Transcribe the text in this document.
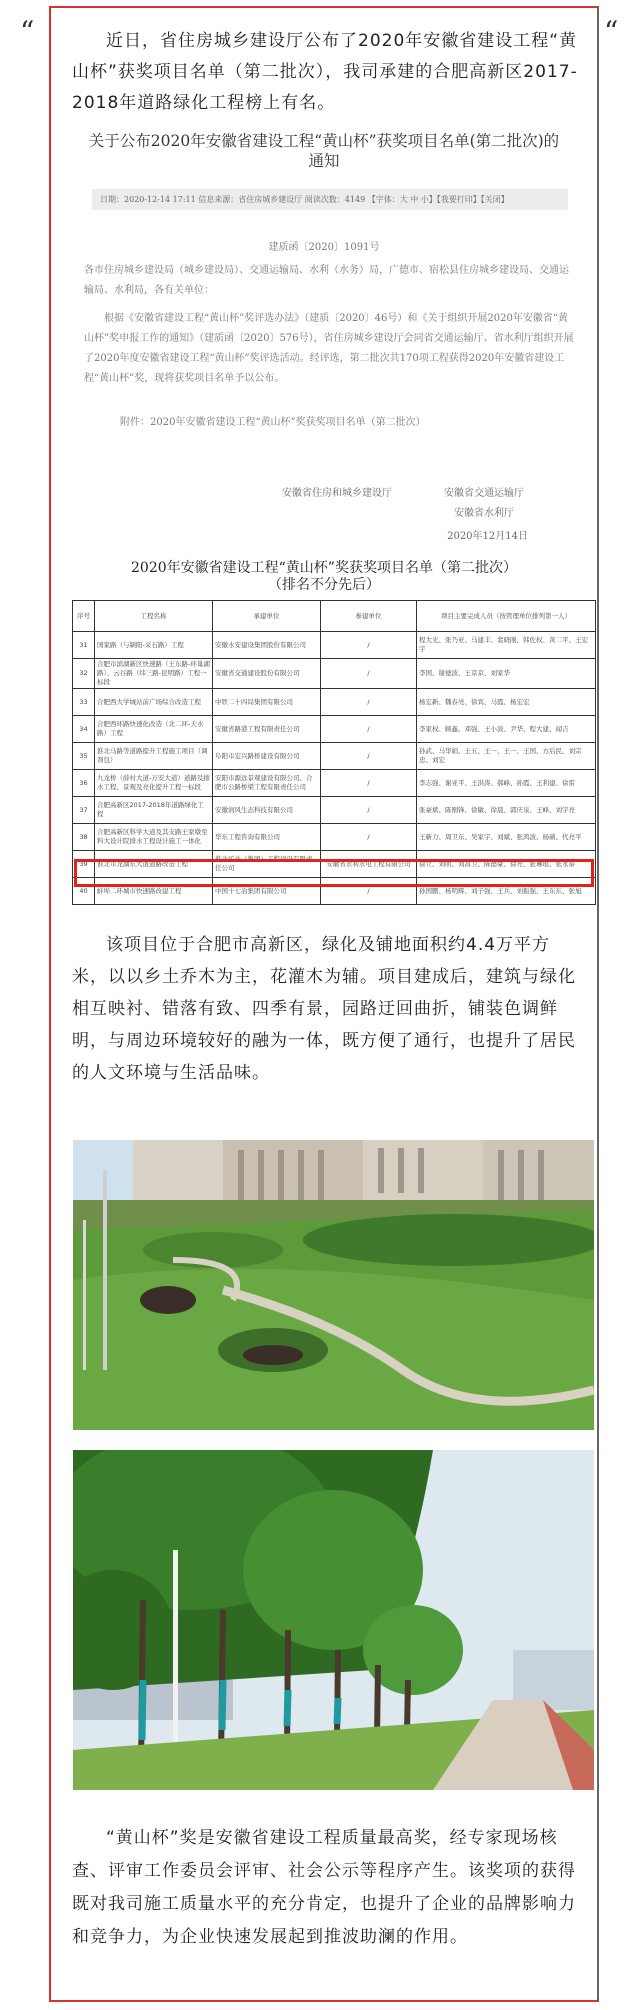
“	“

近日，省住房城乡建设厅公布了2020年安徽省建设工程“黄山杯”获奖项目名单（第二批次），我司承建的合肥高新区2017-2018年道路绿化工程榜上有名。

关于公布2020年安徽省建设工程“黄山杯”获奖项目名单(第二批次)的通知
日期：2020-12-14 17:11 信息来源：省住房城乡建设厅 阅读次数：4149 【字体：大 中 小】【我要打印】【关闭】
建质函〔2020〕1091号
各市住房城乡建设局（城乡建设局）、交通运输局、水利（水务）局，广德市、宿松县住房城乡建设局、交通运输局、水利局，各有关单位：
根据《安徽省建设工程“黄山杯”奖评选办法》（建质〔2020〕46号）和《关于组织开展2020年安徽省“黄山杯”奖申报工作的通知》（建质函〔2020〕576号），省住房城乡建设厅会同省交通运输厅、省水利厅组织开展了2020年度安徽省建设工程“黄山杯”奖评选活动。经评选，第二批次共170项工程获得2020年安徽省建设工程“黄山杯”奖，现将获奖项目名单予以公布。
附件：2020年安徽省建设工程“黄山杯”奖获奖项目名单（第二批次）
安徽省住房和城乡建设厅	安徽省交通运输厅
安徽省水利厅
2020年12月14日
2020年安徽省建设工程“黄山杯”奖获奖项目名单（第二批次）
（排名不分先后）
序号	工程名称	承建单位	参建单位	项目主要完成人员（按管理单位排列第一人）
31	国家路（与颍阳-采石路）工程	安徽水安建设集团股份有限公司	/	程大光、张乃亚、马建丰、裴晓刚、韩佐权、黄二平、王宏宇
32	合肥市滨湖新区快速路（王东路-环巢湖路）、云谷路（纬三路-昆明路）工程一标段	安徽省交通建设股份有限公司	/	李国、谢德波、王京京、刘家华
33	合肥西大学城站前广场综合改造工程	中铁二十四局集团有限公司	/	杨宏新、魏春亮、徐宾、马霞、杨宏宏
34	合肥西环路快速化改造（北二环-天水路）工程	安徽省路港工程有限责任公司	/	李家权、顾鑫、邓强、王小波、尹华、程大建、闻吉
35	淮北马路等道路提升工程施工项目（调剂包）	阜阳市宏兴路桥建设有限公司	/	孙武、马华娟、王五、王一、王一、王国、方后民、刘宗忠、刘宏
36	九龙桥（薛村大道-万安大道）道路及排水工程、景观及亮化提升工程一标段	安阳市源远景观建设有限公司、合肥市公路桥梁工程有限责任公司	/	李志强、谢亚平、王洪涛、郝峰、孙霞、王利建、徐雷
37	合肥高新区2017-2018年道路绿化工程	安徽润风生态科技有限公司	/	张豪斌、陈刚锋、徐敏、徐晨、郭庆泉、王峰、刘宇亮
38	合肥高新区科学大道及其支路王家墩至科大设计院排水工程设计施工一体化	华东工程咨询有限公司	/	王新力、周卫东、吴家宇、刘斌、张鸿波、杨硕、代亮平
39	淮北市龙湖东大道道路改造工程	淮北矿业（集团）工程建设有限责任公司	安徽省水利水电工程有限公司	徐立、刘明、刘昌卫、陈德豪、徐亮、张琳琅、张永泰
40	蚌埠二环城市快速路改建工程	中国十七冶集团有限公司	/	孙国鹏、杨明辉、刘子强、王兵、刘振强、王东东、张旭

该项目位于合肥市高新区，绿化及铺地面积约4.4万平方米，以以乡土乔木为主，花灌木为辅。项目建成后，建筑与绿化相互映衬、错落有致、四季有景，园路迂回曲折，铺装色调鲜明，与周边环境较好的融为一体，既方便了通行，也提升了居民的人文环境与生活品味。

“黄山杯”奖是安徽省建设工程质量最高奖，经专家现场核查、评审工作委员会评审、社会公示等程序产生。该奖项的获得既对我司施工质量水平的充分肯定，也提升了企业的品牌影响力和竞争力，为企业快速发展起到推波助澜的作用。
